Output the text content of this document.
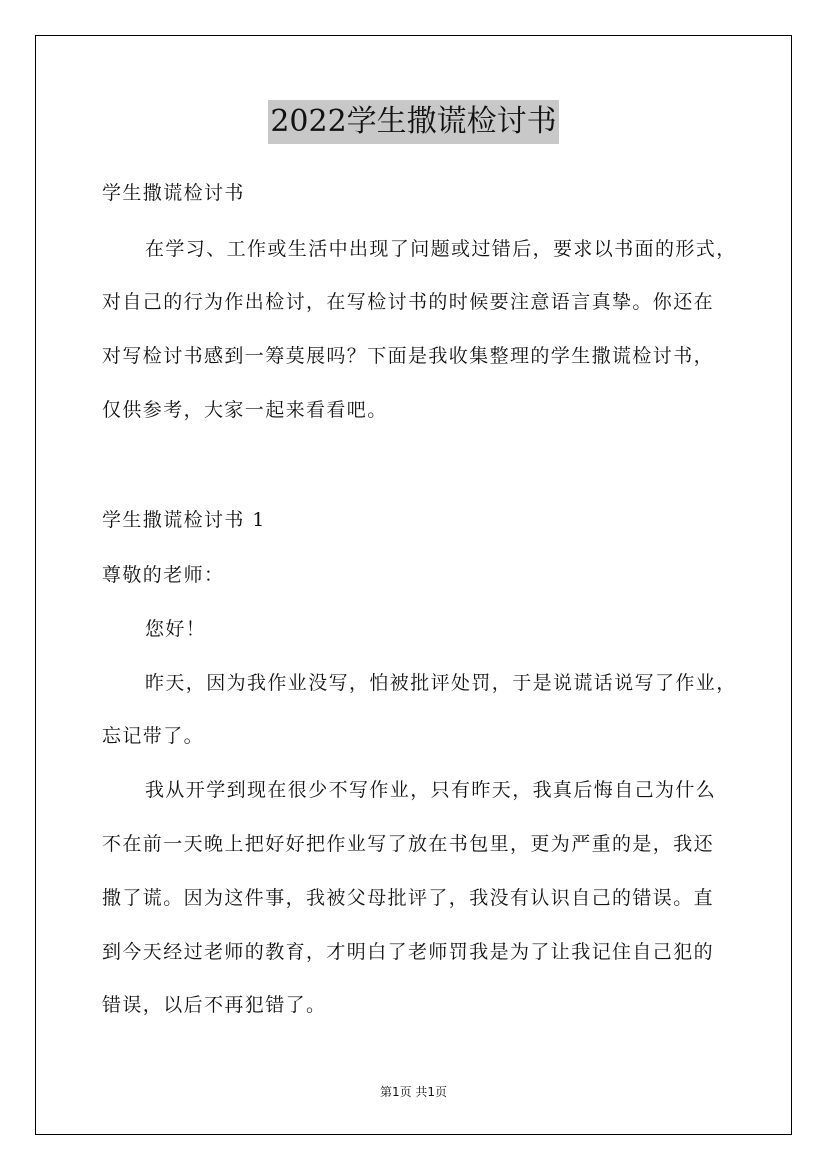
2022学生撒谎检讨书
学生撒谎检讨书
在学习、工作或生活中出现了问题或过错后，要求以书面的形式，
对自己的行为作出检讨，在写检讨书的时候要注意语言真挚。你还在
对写检讨书感到一筹莫展吗？下面是我收集整理的学生撒谎检讨书，
仅供参考，大家一起来看看吧。
学生撒谎检讨书 1
尊敬的老师：
您好！
昨天，因为我作业没写，怕被批评处罚，于是说谎话说写了作业，
忘记带了。
我从开学到现在很少不写作业，只有昨天，我真后悔自己为什么
不在前一天晚上把好好把作业写了放在书包里，更为严重的是，我还
撒了谎。因为这件事，我被父母批评了，我没有认识自己的错误。直
到今天经过老师的教育，才明白了老师罚我是为了让我记住自己犯的
错误，以后不再犯错了。
第1页 共1页
